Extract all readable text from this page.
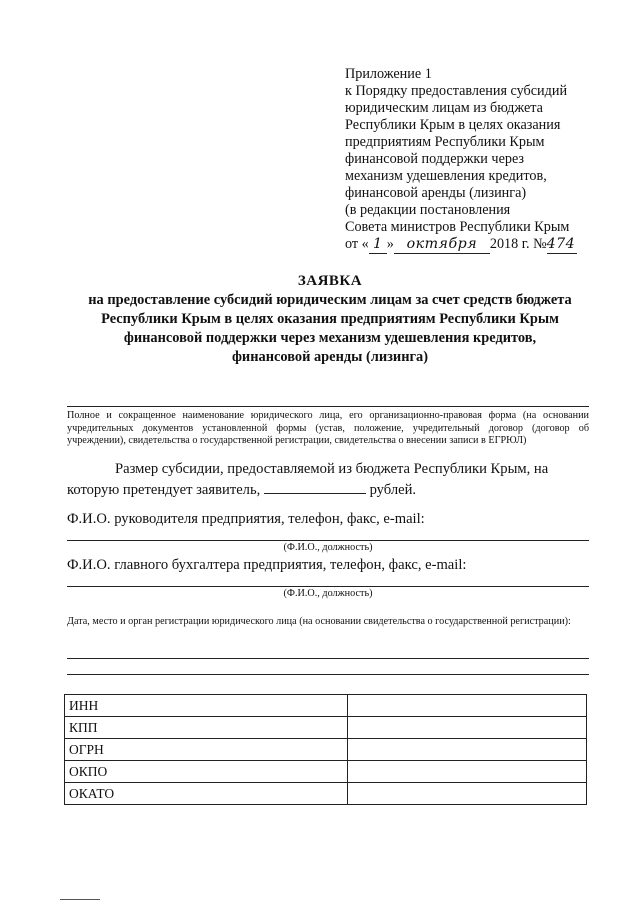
Приложение 1
к Порядку предоставления субсидий
юридическим лицам из бюджета
Республики Крым в целях оказания
предприятиям Республики Крым
финансовой поддержки через
механизм удешевления кредитов,
финансовой аренды (лизинга)
(в редакции постановления
Совета министров Республики Крым
от « 1 » октября 2018 г. №474
ЗАЯВКА
на предоставление субсидий юридическим лицам за счет средств бюджета
Республики Крым в целях оказания предприятиям Республики Крым
финансовой поддержки через механизм удешевления кредитов,
финансовой аренды (лизинга)
Полное и сокращенное наименование юридического лица, его организационно-правовая форма (на основании учредительных документов установленной формы (устав, положение, учредительный договор (договор об учреждении), свидетельства о государственной регистрации, свидетельства о внесении записи в ЕГРЮЛ)
Размер субсидии, предоставляемой из бюджета Республики Крым, на которую претендует заявитель,	рублей.
Ф.И.О. руководителя предприятия, телефон, факс, e-mail:
(Ф.И.О., должность)
Ф.И.О. главного бухгалтера предприятия, телефон, факс, e-mail:
(Ф.И.О., должность)
Дата, место и орган регистрации юридического лица (на основании свидетельства о государственной регистрации):
ИНН	
КПП	
ОГРН	
ОКПО	
ОКАТО	
